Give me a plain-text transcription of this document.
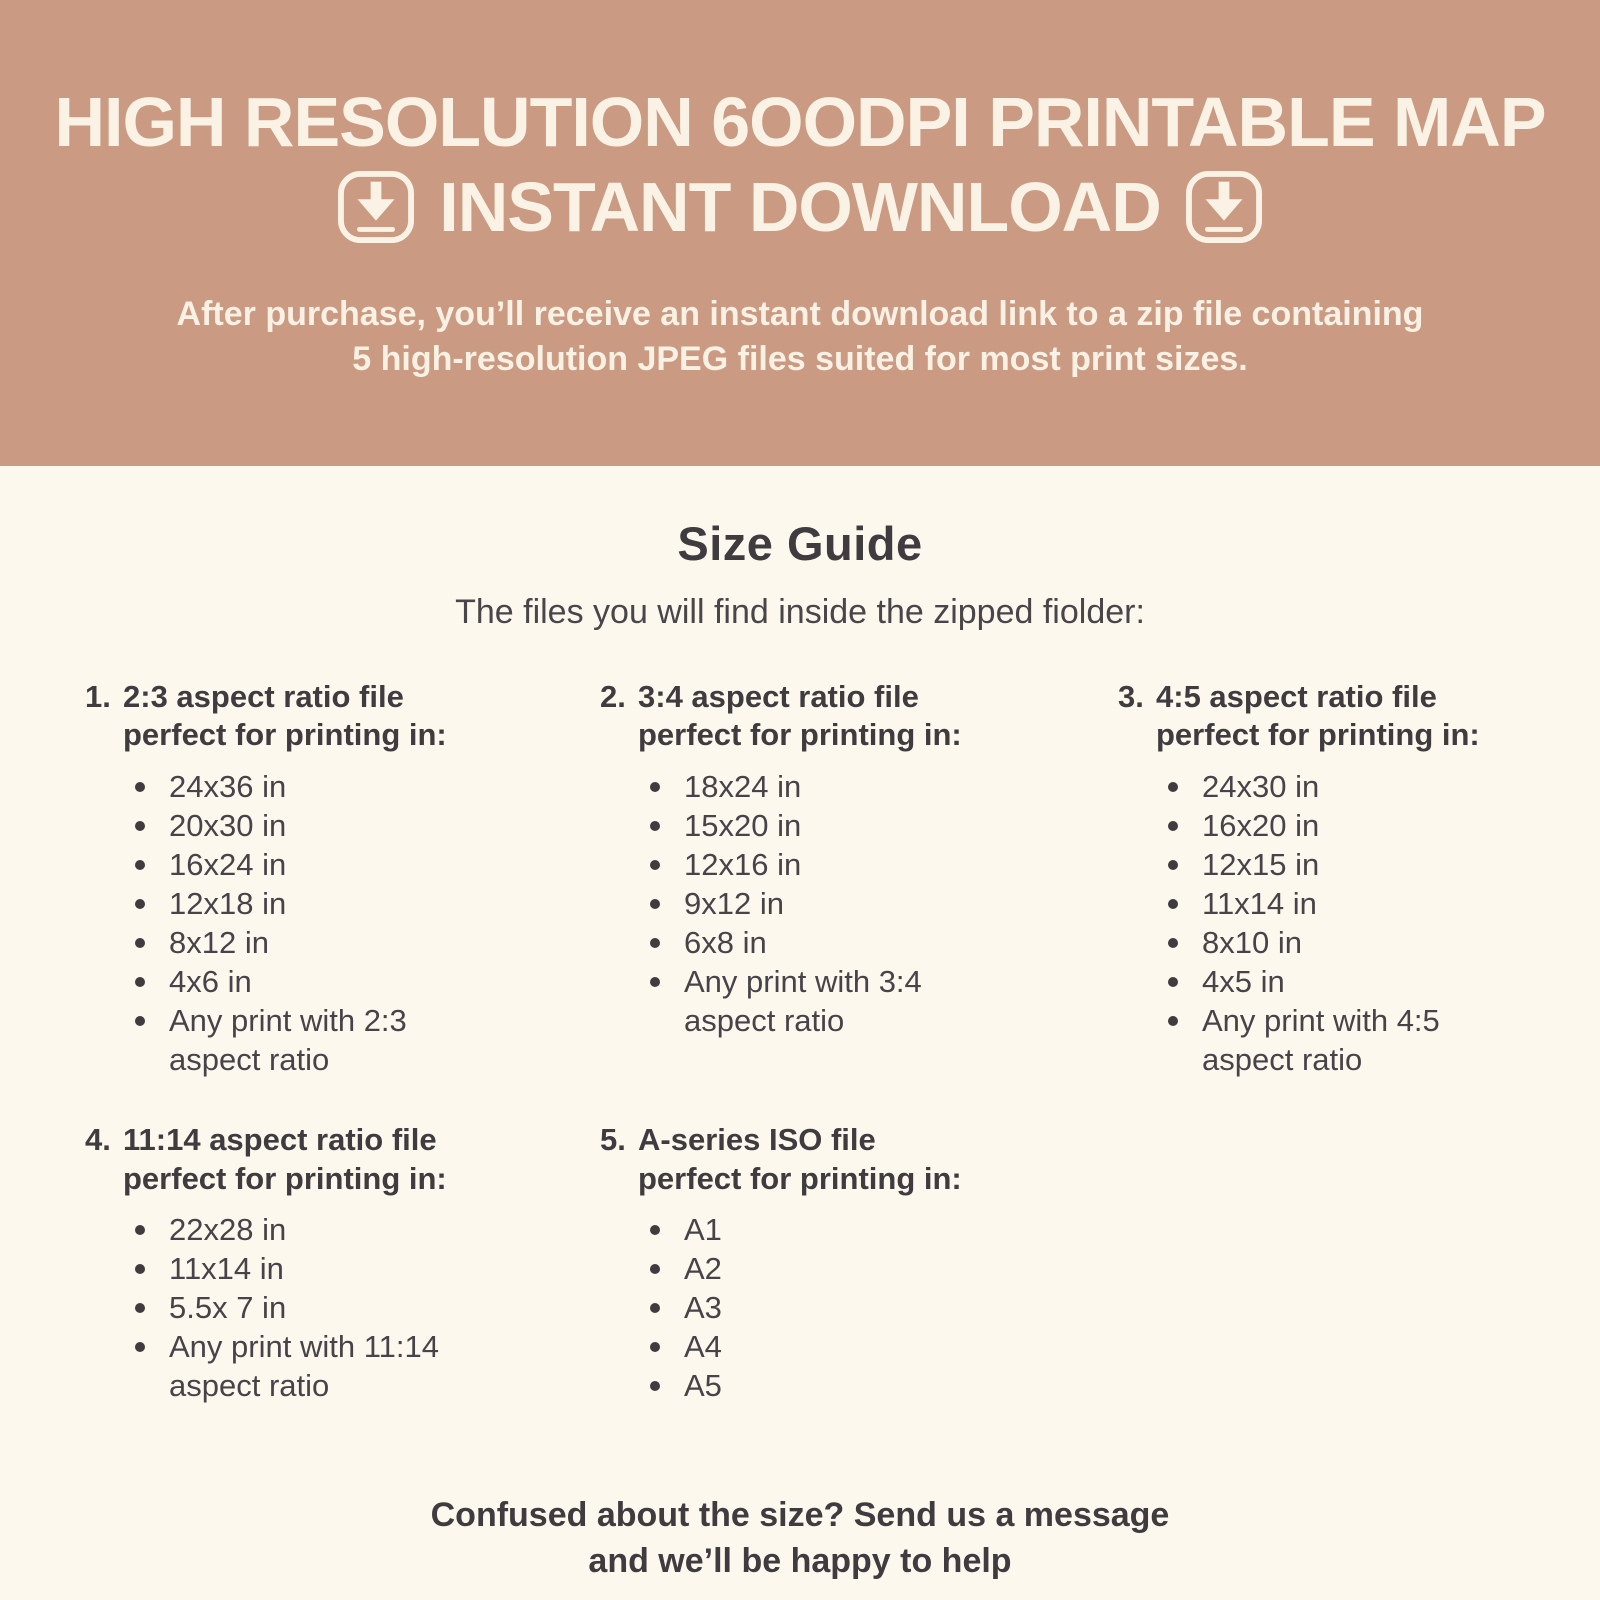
HIGH RESOLUTION 6OODPI PRINTABLE MAP
INSTANT DOWNLOAD
After purchase, you’ll receive an instant download link to a zip file containing
5 high-resolution JPEG files suited for most print sizes.
Size Guide
The files you will find inside the zipped fiolder:
1. 2:3 aspect ratio file
perfect for printing in:
24x36 in
20x30 in
16x24 in
12x18 in
8x12 in
4x6 in
Any print with 2:3 aspect ratio
2. 3:4 aspect ratio file
perfect for printing in:
18x24 in
15x20 in
12x16 in
9x12 in
6x8 in
Any print with 3:4 aspect ratio
3. 4:5 aspect ratio file
perfect for printing in:
24x30 in
16x20 in
12x15 in
11x14 in
8x10 in
4x5 in
Any print with 4:5 aspect ratio
4. 11:14 aspect ratio file
perfect for printing in:
22x28 in
11x14 in
5.5x 7 in
Any print with 11:14 aspect ratio
5. A-series ISO file
perfect for printing in:
A1
A2
A3
A4
A5
Confused about the size? Send us a message
and we’ll be happy to help
